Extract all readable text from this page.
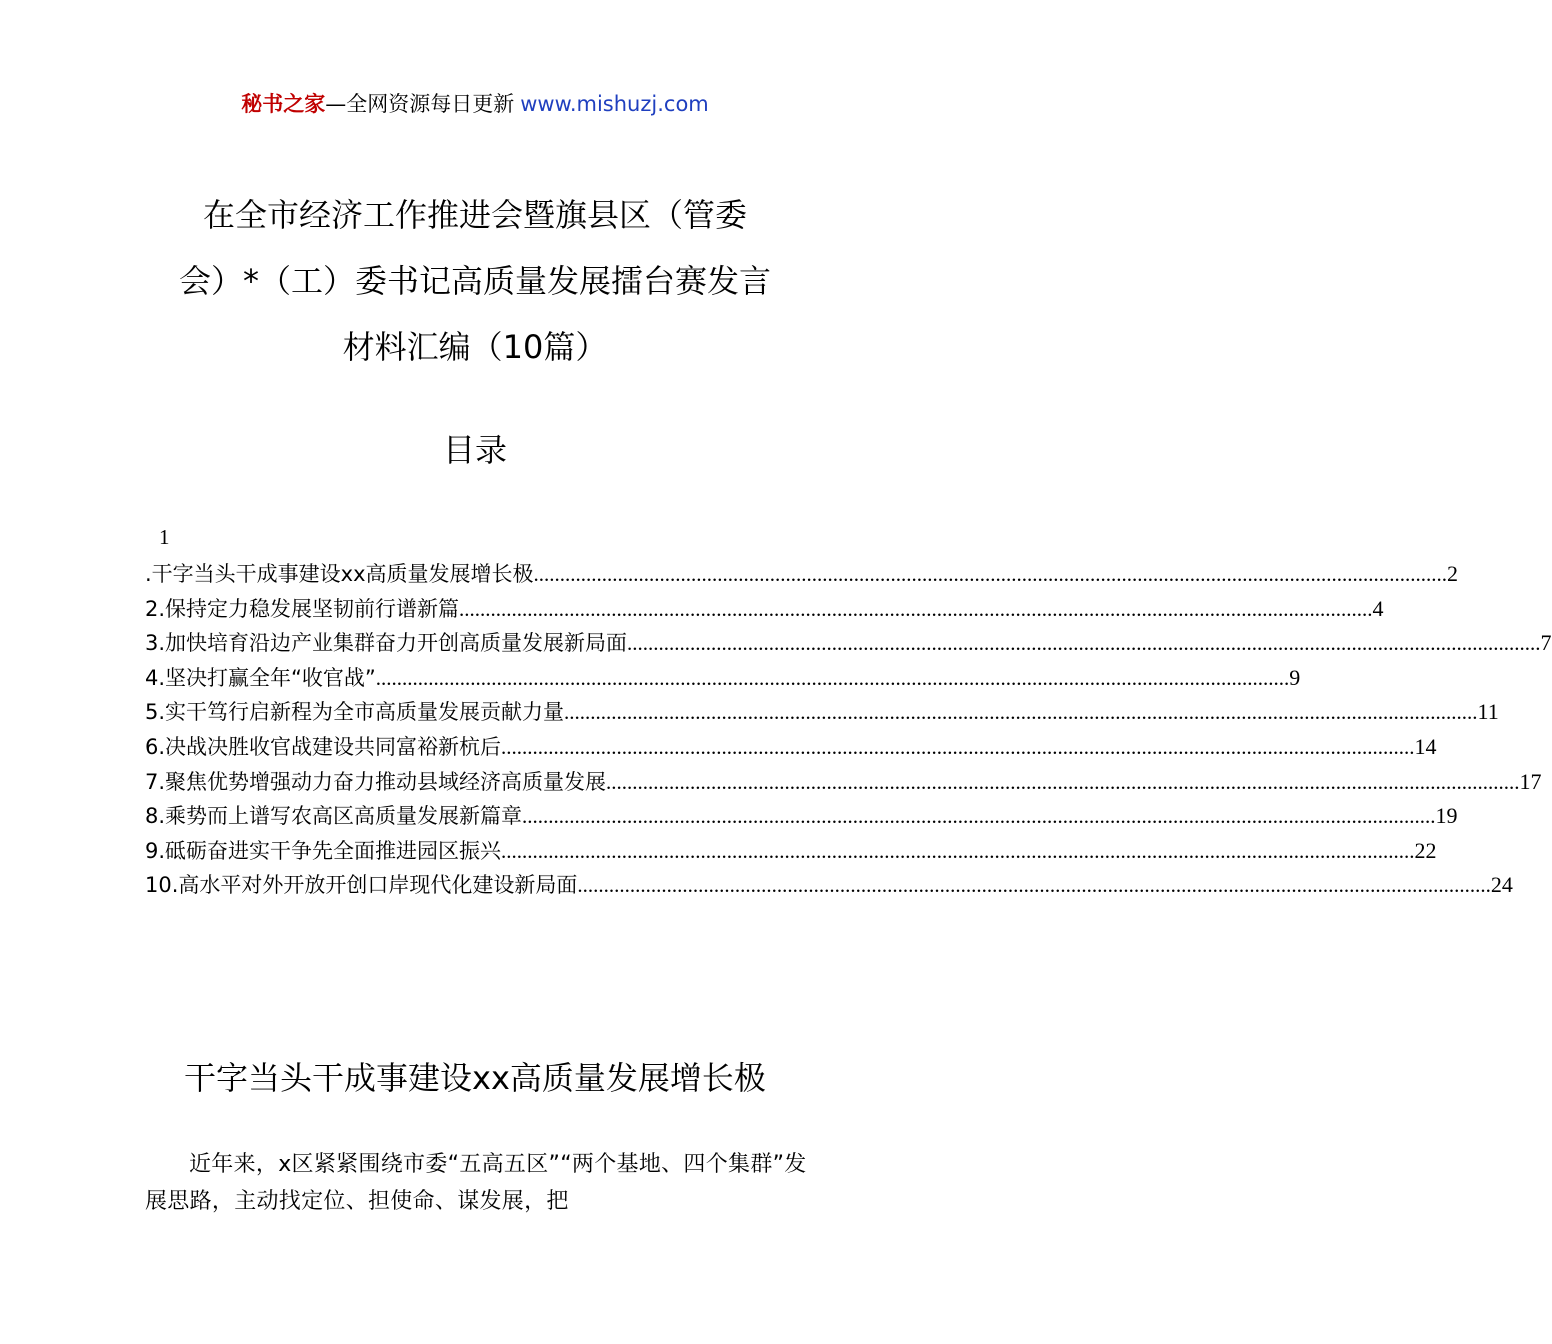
秘书之家—全网资源每日更新 www.mishuzj.com
在全市经济工作推进会暨旗县区（管委
会）*（工）委书记高质量发展擂台赛发言
材料汇编（10篇）
目录
1
.干字当头干成事建设xx高质量发展增长极 .....	2
2.保持定力稳发展坚韧前行谱新篇 .....	4
3.加快培育沿边产业集群奋力开创高质量发展新局面 .....	7
4.坚决打赢全年“收官战” .....	9
5.实干笃行启新程为全市高质量发展贡献力量 .....	11
6.决战决胜收官战建设共同富裕新杭后 .....	14
7.聚焦优势增强动力奋力推动县域经济高质量发展 .....	17
8.乘势而上谱写农高区高质量发展新篇章 .....	19
9.砥砺奋进实干争先全面推进园区振兴 .....	22
10.高水平对外开放开创口岸现代化建设新局面 .....	24
干字当头干成事建设xx高质量发展增长极
近年来，x区紧紧围绕市委“五高五区”“两个基地、四个集群”发展思路，主动找定位、担使命、谋发展，把
